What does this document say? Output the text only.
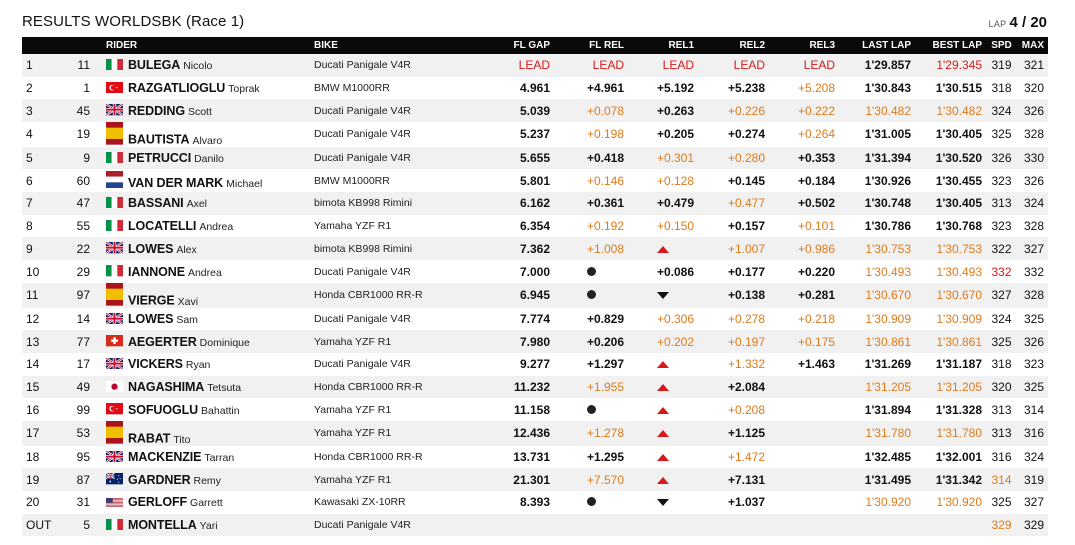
RESULTS WORLDSBK (Race 1)	LAP 4 / 20
		RIDER	BIKE	FL GAP	FL REL	REL1	REL2	REL3	LAST LAP	BEST LAP	SPD	MAX
1	11	BULEGA Nicolo	Ducati Panigale V4R	LEAD	LEAD	LEAD	LEAD	LEAD	1'29.857	1'29.345	319	321
2	1	RAZGATLIOGLU Toprak	BMW M1000RR	4.961	+4.961	+5.192	+5.238	+5.208	1'30.843	1'30.515	318	320
3	45	REDDING Scott	Ducati Panigale V4R	5.039	+0.078	+0.263	+0.226	+0.222	1'30.482	1'30.482	324	326
4	19	BAUTISTA Alvaro	Ducati Panigale V4R	5.237	+0.198	+0.205	+0.274	+0.264	1'31.005	1'30.405	325	328
5	9	PETRUCCI Danilo	Ducati Panigale V4R	5.655	+0.418	+0.301	+0.280	+0.353	1'31.394	1'30.520	326	330
6	60	VAN DER MARK Michael	BMW M1000RR	5.801	+0.146	+0.128	+0.145	+0.184	1'30.926	1'30.455	323	326
7	47	BASSANI Axel	bimota KB998 Rimini	6.162	+0.361	+0.479	+0.477	+0.502	1'30.748	1'30.405	313	324
8	55	LOCATELLI Andrea	Yamaha YZF R1	6.354	+0.192	+0.150	+0.157	+0.101	1'30.786	1'30.768	323	328
9	22	LOWES Alex	bimota KB998 Rimini	7.362	+1.008		+1.007	+0.986	1'30.753	1'30.753	322	327
10	29	IANNONE Andrea	Ducati Panigale V4R	7.000		+0.086	+0.177	+0.220	1'30.493	1'30.493	332	332
11	97	VIERGE Xavi	Honda CBR1000 RR-R	6.945			+0.138	+0.281	1'30.670	1'30.670	327	328
12	14	LOWES Sam	Ducati Panigale V4R	7.774	+0.829	+0.306	+0.278	+0.218	1'30.909	1'30.909	324	325
13	77	AEGERTER Dominique	Yamaha YZF R1	7.980	+0.206	+0.202	+0.197	+0.175	1'30.861	1'30.861	325	326
14	17	VICKERS Ryan	Ducati Panigale V4R	9.277	+1.297		+1.332	+1.463	1'31.269	1'31.187	318	323
15	49	NAGASHIMA Tetsuta	Honda CBR1000 RR-R	11.232	+1.955		+2.084		1'31.205	1'31.205	320	325
16	99	SOFUOGLU Bahattin	Yamaha YZF R1	11.158			+0.208		1'31.894	1'31.328	313	314
17	53	RABAT Tito	Yamaha YZF R1	12.436	+1.278		+1.125		1'31.780	1'31.780	313	316
18	95	MACKENZIE Tarran	Honda CBR1000 RR-R	13.731	+1.295		+1.472		1'32.485	1'32.001	316	324
19	87	GARDNER Remy	Yamaha YZF R1	21.301	+7.570		+7.131		1'31.495	1'31.342	314	319
20	31	GERLOFF Garrett	Kawasaki ZX-10RR	8.393			+1.037		1'30.920	1'30.920	325	327
OUT	5	MONTELLA Yari	Ducati Panigale V4R								329	329
